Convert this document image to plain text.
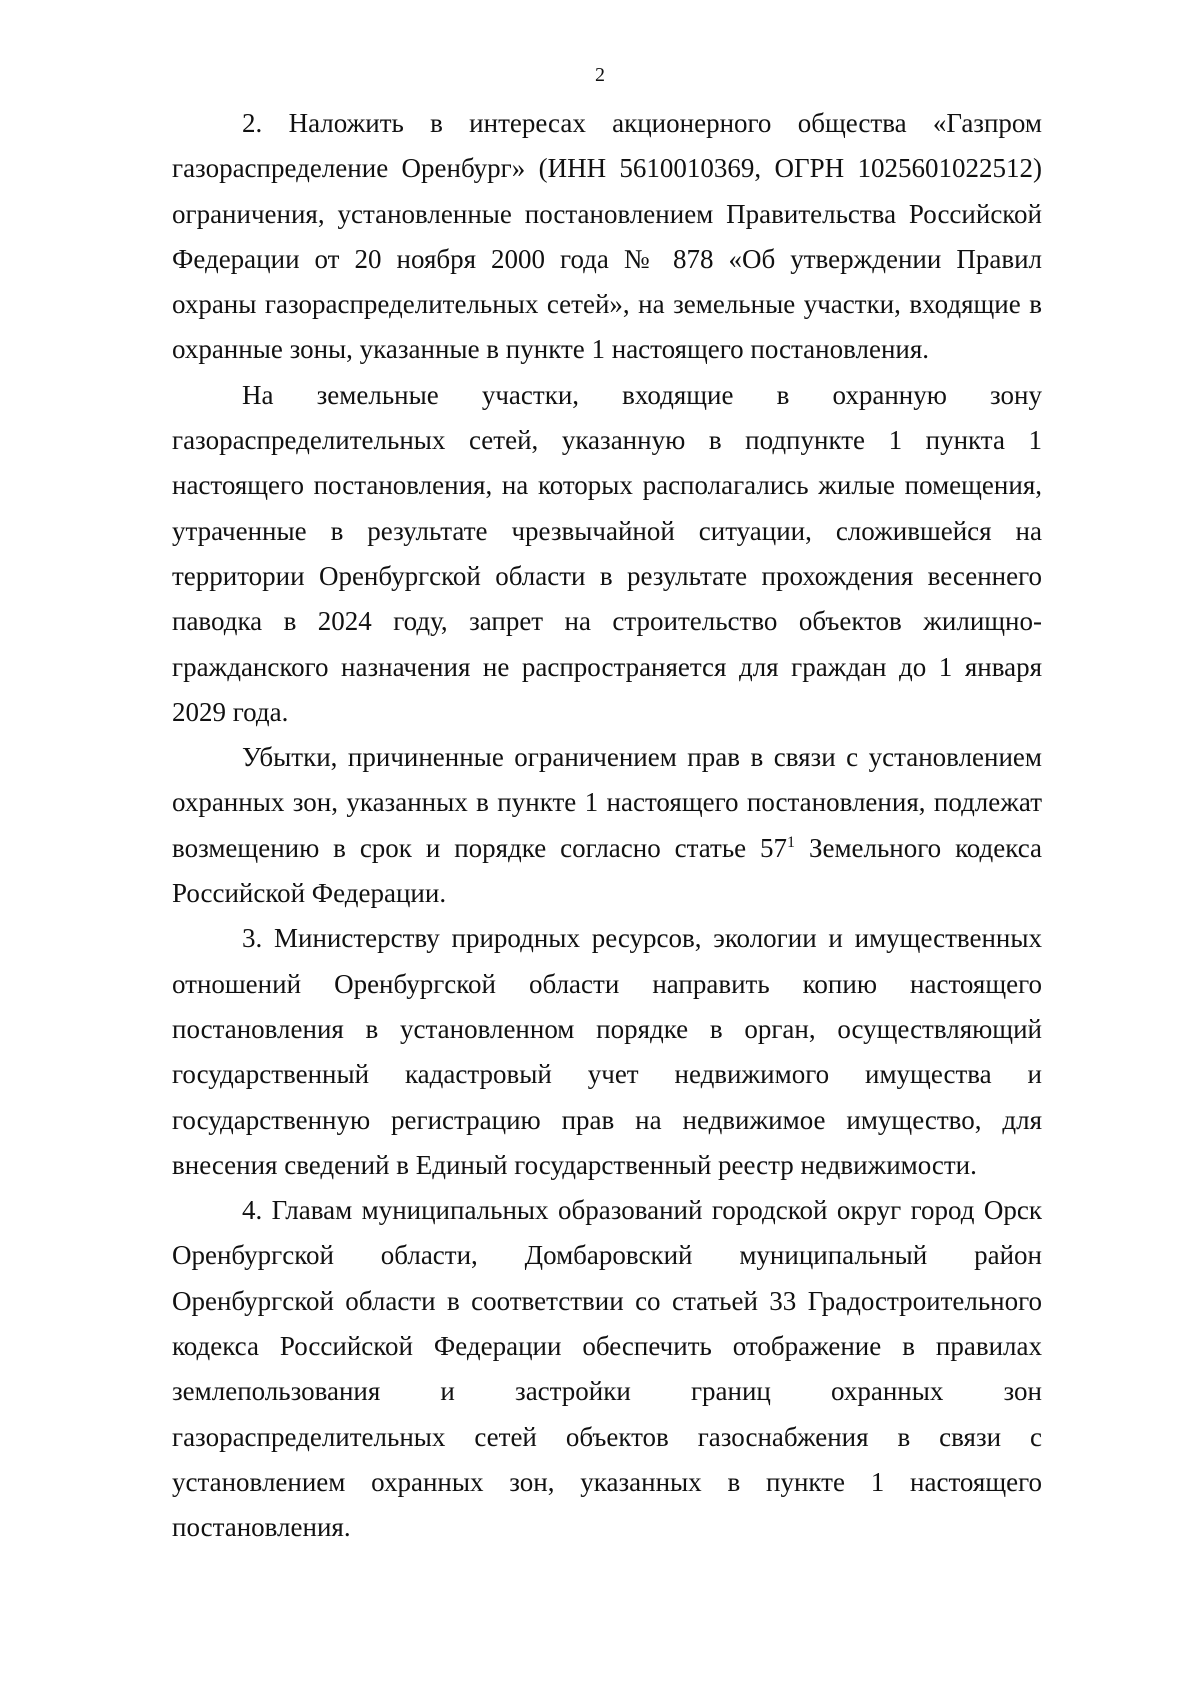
2

2. Наложить в интересах акционерного общества «Газпром газораспределение Оренбург» (ИНН 5610010369, ОГРН 1025601022512) ограничения, установленные постановлением Правительства Российской Федерации от 20 ноября 2000 года № 878 «Об утверждении Правил охраны газораспределительных сетей», на земельные участки, входящие в охранные зоны, указанные в пункте 1 настоящего постановления.

На земельные участки, входящие в охранную зону газораспределительных сетей, указанную в подпункте 1 пункта 1 настоящего постановления, на которых располагались жилые помещения, утраченные в результате чрезвычайной ситуации, сложившейся на территории Оренбургской области в результате прохождения весеннего паводка в 2024 году, запрет на строительство объектов жилищно-гражданского назначения не распространяется для граждан до 1 января 2029 года.

Убытки, причиненные ограничением прав в связи с установлением охранных зон, указанных в пункте 1 настоящего постановления, подлежат возмещению в срок и порядке согласно статье $57^1$ Земельного кодекса Российской Федерации.

3. Министерству природных ресурсов, экологии и имущественных отношений Оренбургской области направить копию настоящего постановления в установленном порядке в орган, осуществляющий государственный кадастровый учет недвижимого имущества и государственную регистрацию прав на недвижимое имущество, для внесения сведений в Единый государственный реестр недвижимости.

4. Главам муниципальных образований городской округ город Орск Оренбургской области, Домбаровский муниципальный район Оренбургской области в соответствии со статьей 33 Градостроительного кодекса Российской Федерации обеспечить отображение в правилах землепользования и застройки границ охранных зон газораспределительных сетей объектов газоснабжения в связи с установлением охранных зон, указанных в пункте 1 настоящего постановления.
